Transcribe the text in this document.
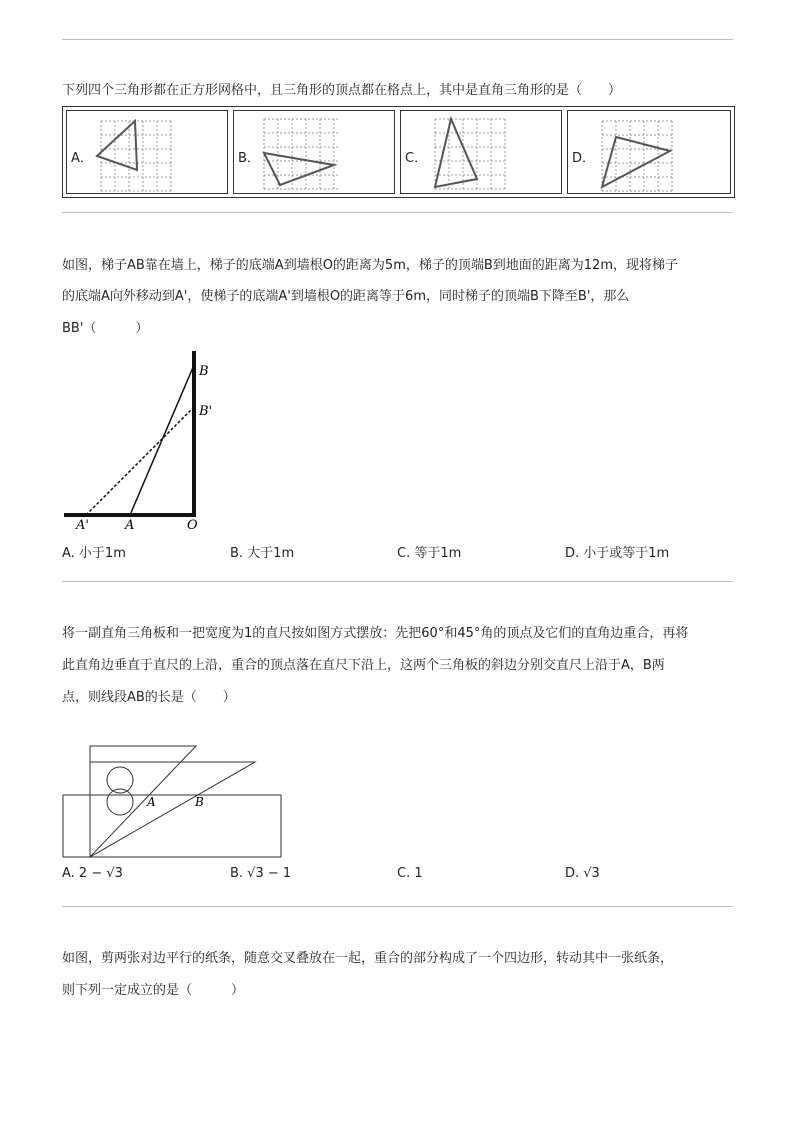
下列四个三角形都在正方形网格中，且三角形的顶点都在格点上，其中是直角三角形的是（　　）
A．	B．	C．	D．
如图，梯子AB靠在墙上，梯子的底端A到墙根O的距离为5m，梯子的顶端B到地面的距离为12m，现将梯子
的底端A向外移动到A'，使梯子的底端A'到墙根O的距离等于6m，同时梯子的顶端B下降至B'，那么
BB'（　　　）
B
B'
A'	A	O
A. 小于1m	B. 大于1m	C. 等于1m	D. 小于或等于1m
将一副直角三角板和一把宽度为1的直尺按如图方式摆放：先把60°和45°角的顶点及它们的直角边重合，再将
此直角边垂直于直尺的上沿，重合的顶点落在直尺下沿上，这两个三角板的斜边分别交直尺上沿于A，B两
点，则线段AB的长是（　　）
A	B
A. 2 − √3	B. √3 − 1	C. 1	D. √3
如图，剪两张对边平行的纸条，随意交叉叠放在一起，重合的部分构成了一个四边形，转动其中一张纸条，
则下列一定成立的是（　　　）
